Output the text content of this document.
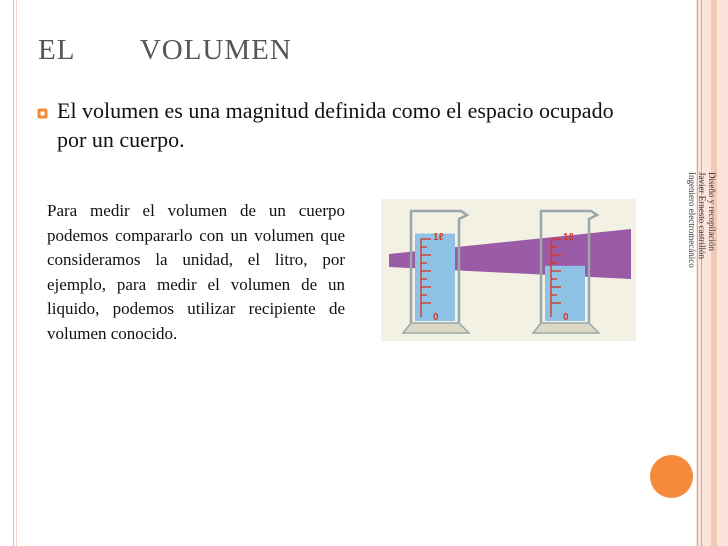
EL        VOLUMEN
El volumen es una magnitud definida como el espacio ocupado por un cuerpo.
Para medir el volumen de un cuerpo podemos compararlo con un volumen que consideramos la unidad, el litro, por ejemplo, para medir el volumen de un liquido, podemos utilizar recipiente de volumen conocido.
1ℓ
0
1ℓ
0
Diseño y recopilación
Javier Ernesto castrillón
Ingeniero electromecánico
